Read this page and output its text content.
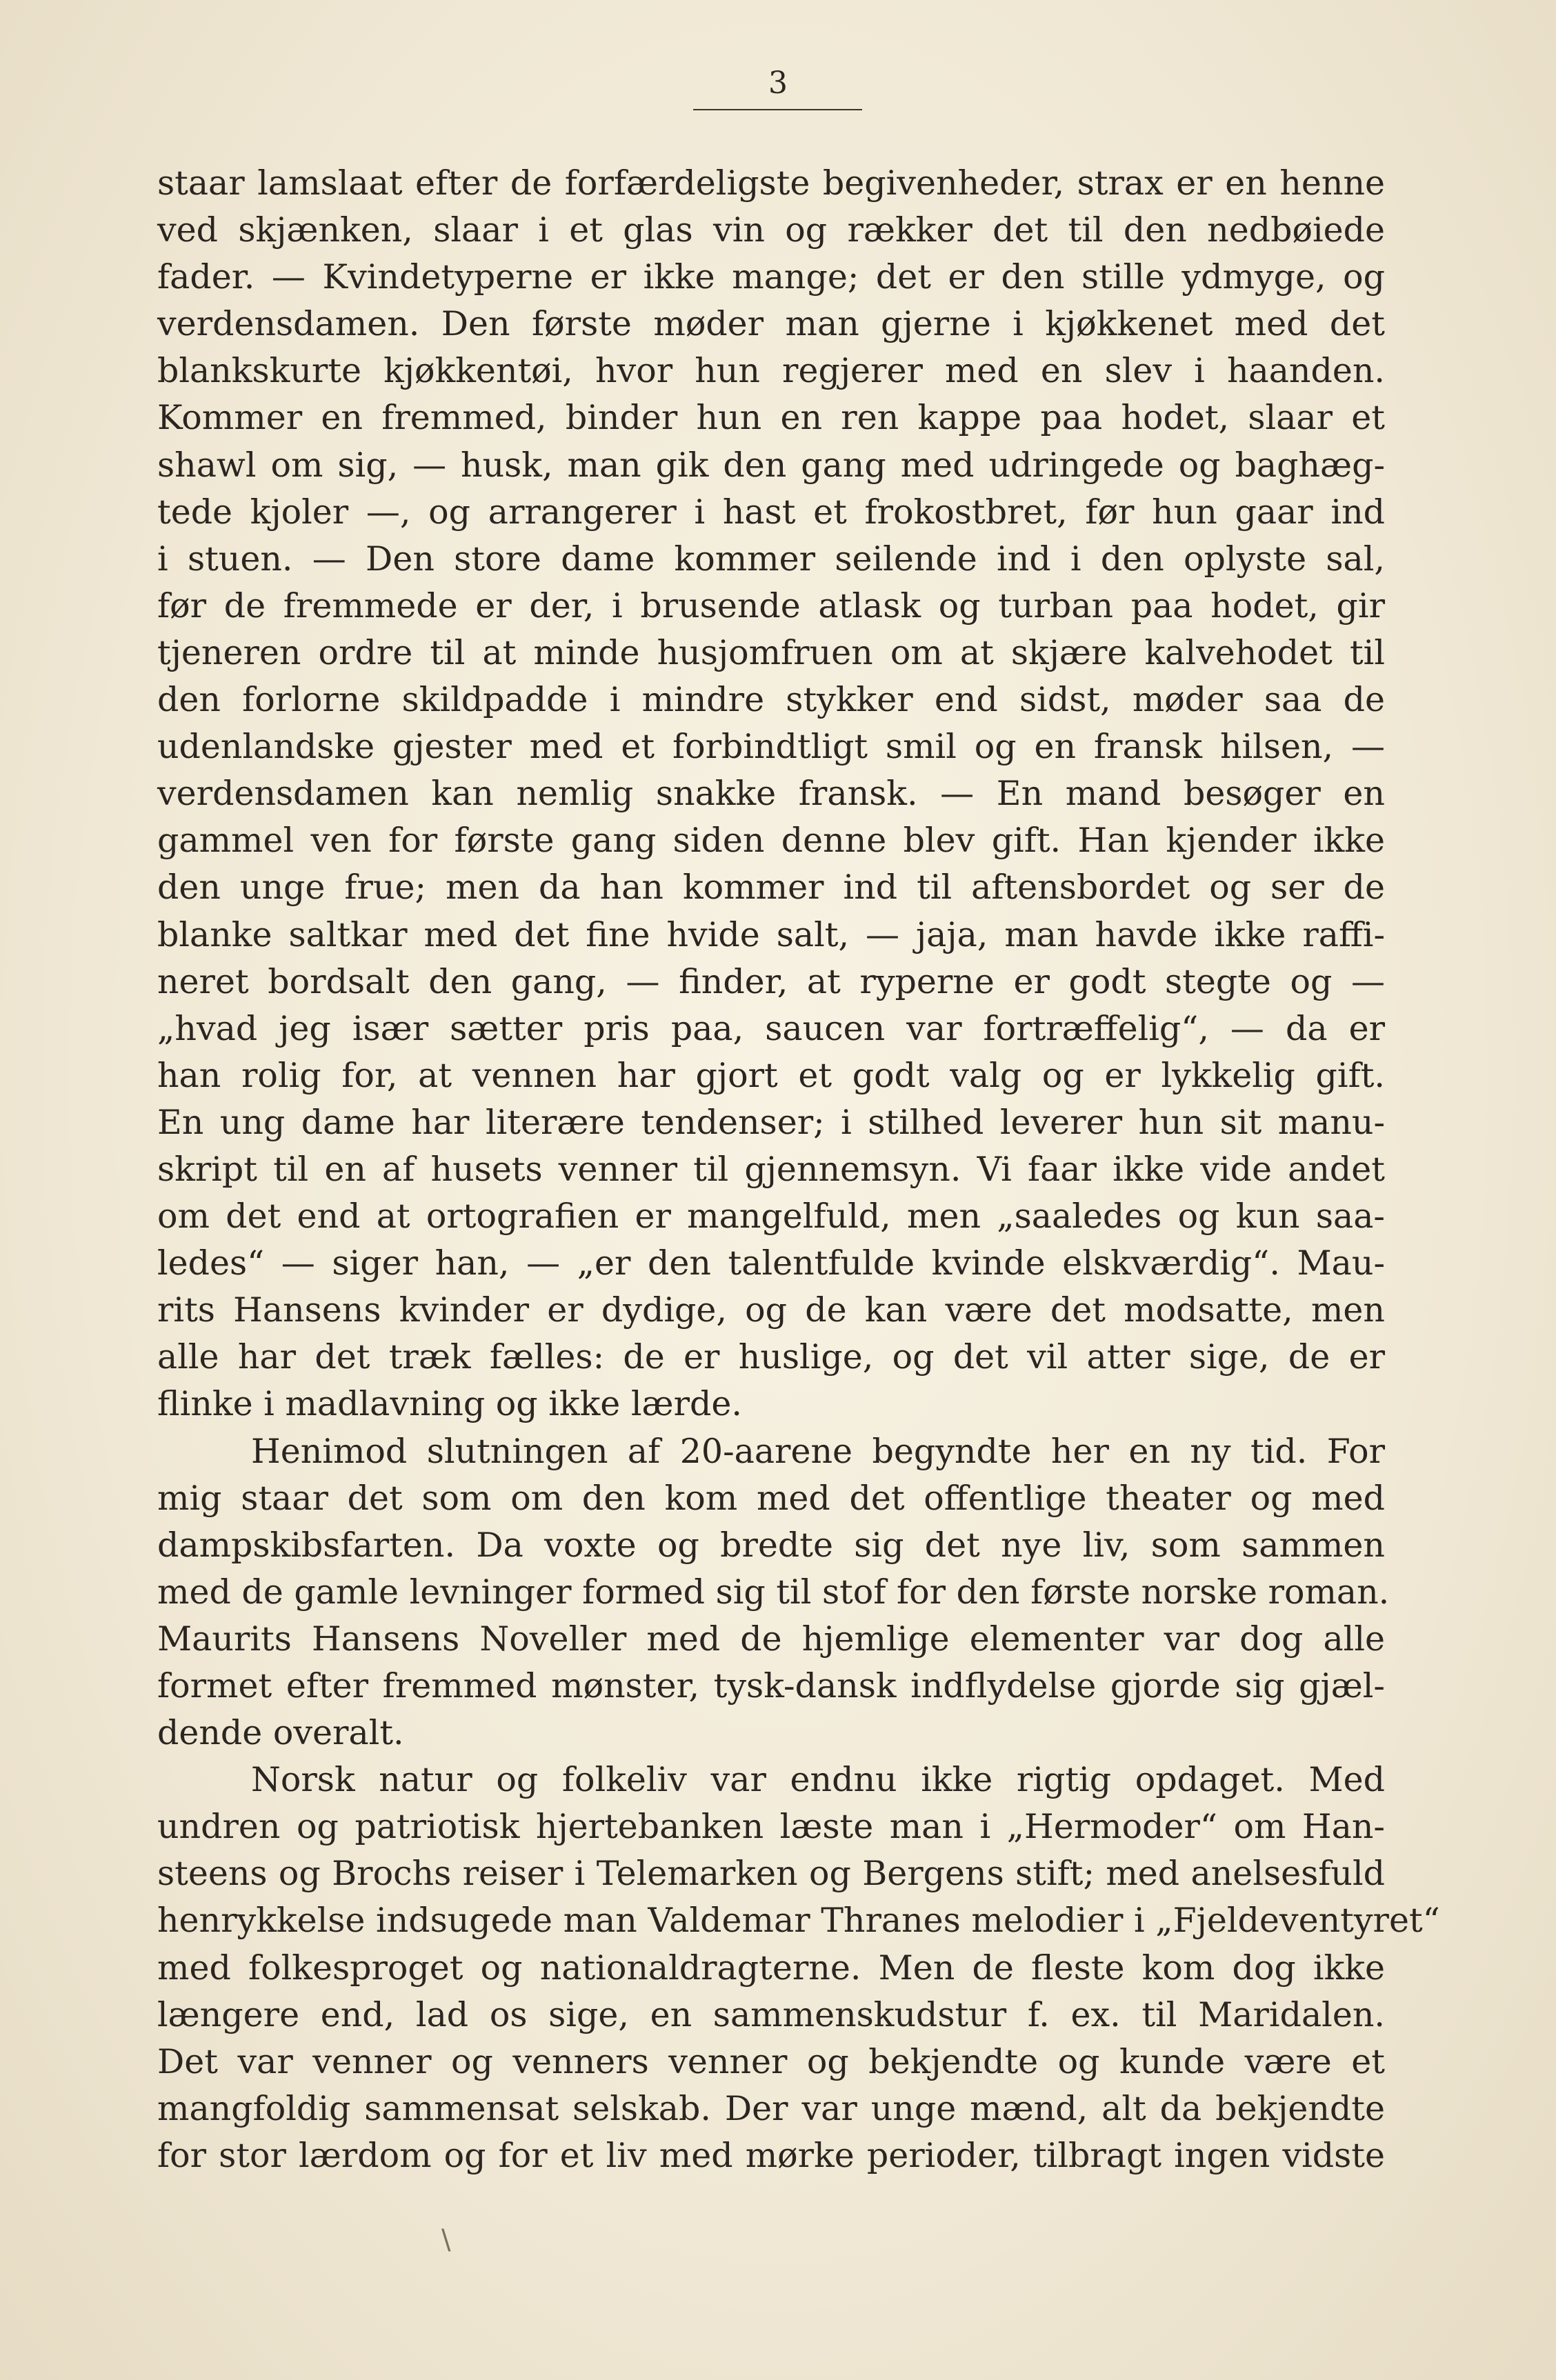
3
staar lamslaat efter de forfærdeligste begivenheder, strax er en henne
ved skjænken, slaar i et glas vin og rækker det til den nedbøiede
fader. — Kvindetyperne er ikke mange; det er den stille ydmyge, og
verdensdamen. Den første møder man gjerne i kjøkkenet med det
blankskurte kjøkkentøi, hvor hun regjerer med en slev i haanden.
Kommer en fremmed, binder hun en ren kappe paa hodet, slaar et
shawl om sig, — husk, man gik den gang med udringede og baghæg-
tede kjoler —, og arrangerer i hast et frokostbret, før hun gaar ind
i stuen. — Den store dame kommer seilende ind i den oplyste sal,
før de fremmede er der, i brusende atlask og turban paa hodet, gir
tjeneren ordre til at minde husjomfruen om at skjære kalvehodet til
den forlorne skildpadde i mindre stykker end sidst, møder saa de
udenlandske gjester med et forbindtligt smil og en fransk hilsen, —
verdensdamen kan nemlig snakke fransk. — En mand besøger en
gammel ven for første gang siden denne blev gift. Han kjender ikke
den unge frue; men da han kommer ind til aftensbordet og ser de
blanke saltkar med det fine hvide salt, — jaja, man havde ikke raffi-
neret bordsalt den gang, — finder, at ryperne er godt stegte og —
„hvad jeg især sætter pris paa, saucen var fortræffelig“, — da er
han rolig for, at vennen har gjort et godt valg og er lykkelig gift.
En ung dame har literære tendenser; i stilhed leverer hun sit manu-
skript til en af husets venner til gjennemsyn. Vi faar ikke vide andet
om det end at ortografien er mangelfuld, men „saaledes og kun saa-
ledes“ — siger han, — „er den talentfulde kvinde elskværdig“. Mau-
rits Hansens kvinder er dydige, og de kan være det modsatte, men
alle har det træk fælles: de er huslige, og det vil atter sige, de er
flinke i madlavning og ikke lærde.
Henimod slutningen af 20-aarene begyndte her en ny tid. For
mig staar det som om den kom med det offentlige theater og med
dampskibsfarten. Da voxte og bredte sig det nye liv, som sammen
med de gamle levninger formed sig til stof for den første norske roman.
Maurits Hansens Noveller med de hjemlige elementer var dog alle
formet efter fremmed mønster, tysk-dansk indflydelse gjorde sig gjæl-
dende overalt.
Norsk natur og folkeliv var endnu ikke rigtig opdaget. Med
undren og patriotisk hjertebanken læste man i „Hermoder“ om Han-
steens og Brochs reiser i Telemarken og Bergens stift; med anelsesfuld
henrykkelse indsugede man Valdemar Thranes melodier i „Fjeldeventyret“
med folkesproget og nationaldragterne. Men de fleste kom dog ikke
længere end, lad os sige, en sammenskudstur f. ex. til Maridalen.
Det var venner og venners venner og bekjendte og kunde være et
mangfoldig sammensat selskab. Der var unge mænd, alt da bekjendte
for stor lærdom og for et liv med mørke perioder, tilbragt ingen vidste
\
